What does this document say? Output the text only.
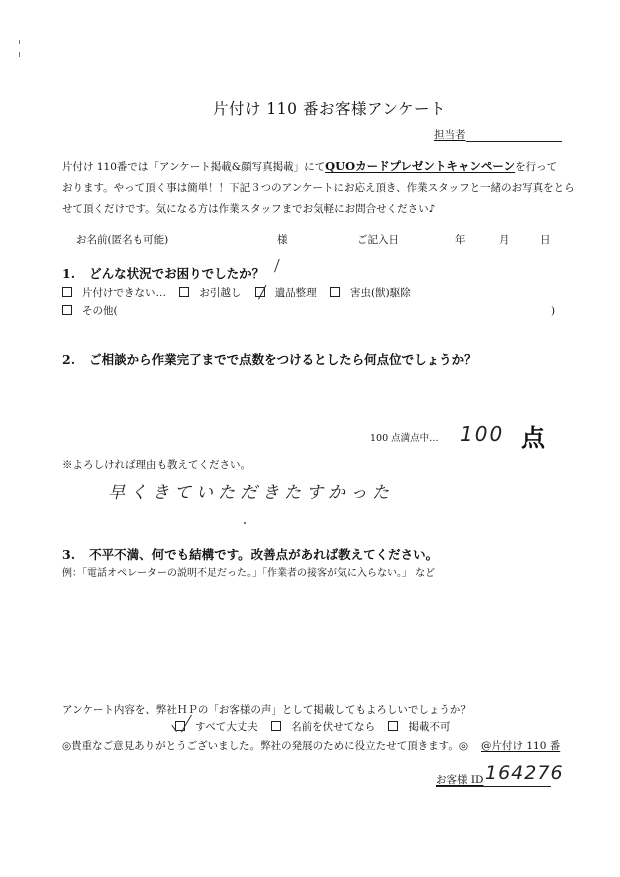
片付け 110 番お客様アンケート
担当者
片付け 110番では「アンケート掲載&顔写真掲載」にてQUOカードプレゼントキャンペーンを行って
おります。やって頂く事は簡単！！下記３つのアンケートにお応え頂き、作業スタッフと一緒のお写真をとら
せて頂くだけです。気になる方は作業スタッフまでお気軽にお問合せください♪
お名前(匿名も可能)	様	ご記入日	年	月	日
1. どんな状況でお困りでしたか？
片付けできない…	お引越し	遺品整理	害虫(獣)駆除
その他(	)
2. ご相談から作業完了までで点数をつけるとしたら何点位でしょうか？
100 点満点中… 100 点
※よろしければ理由も教えてください。
早くきていただきたすかった
3. 不平不満、何でも結構です。改善点があれば教えてください。
例：「電話オペレーターの説明不足だった。」「作業者の接客が気に入らない。」 など
アンケート内容を、弊社ＨＰの「お客様の声」として掲載してもよろしいでしょうか？
すべて大丈夫	名前を伏せてなら	掲載不可
◎貴重なご意見ありがとうございました。弊社の発展のために役立たせて頂きます。◎ @片付け 110 番
お客様 ID 164276
